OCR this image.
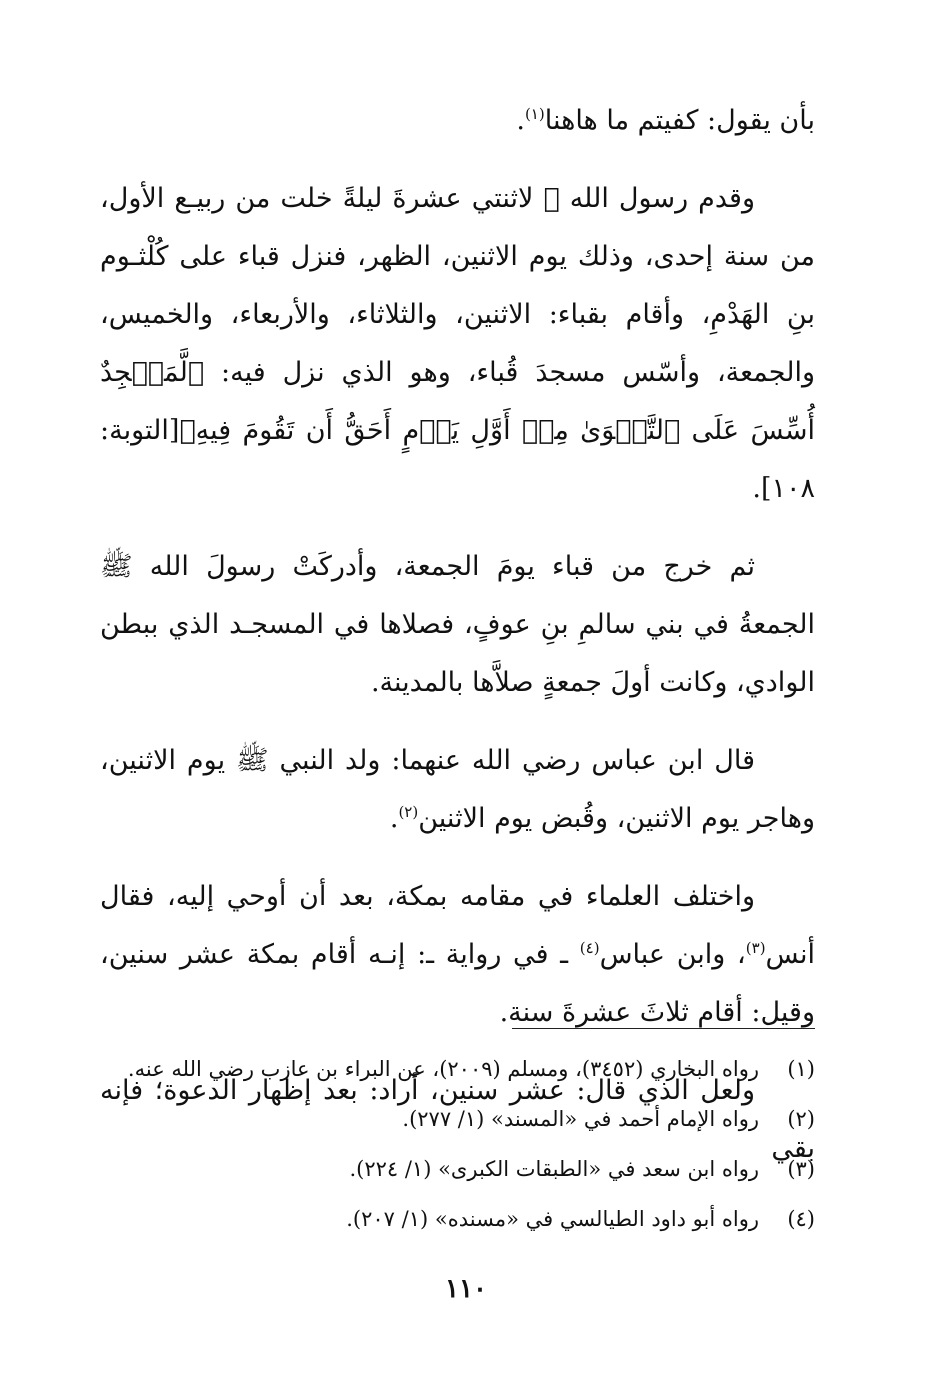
بأن يقول: كفيتم ما هاهنا$^{(١)}$.

وقدم رسول الله ﷺ لاثنتي عشرةَ ليلةً خلت من ربيـع الأول، من سنة إحدى، وذلك يوم الاثنين، الظهر، فنزل قباء على كُلْثـوم بنِ الهَدْمِ، وأقام بقباء: الاثنين، والثلاثاء، والأربعاء، والخميس، والجمعة، وأسّس مسجدَ قُباء، وهو الذي نزل فيه: ﴿لَّمَسۡجِدٌ أُسِّسَ عَلَى ٱلتَّقۡوَىٰ مِنۡ أَوَّلِ يَوۡمٍ أَحَقُّ أَن تَقُومَ فِيهِ﴾[التوبة: ١٠٨].

ثم خرج من قباء يومَ الجمعة، وأدركَتْ رسولَ الله ﷺ الجمعةُ في بني سالمِ بنِ عوفٍ، فصلاها في المسجـد الذي ببطن الوادي، وكانت أولَ جمعةٍ صلاَّها بالمدينة.

قال ابن عباس رضي الله عنهما: ولد النبي ﷺ يوم الاثنين، وهاجر يوم الاثنين، وقُبض يوم الاثنين$^{(٢)}$.

واختلف العلماء في مقامه بمكة، بعد أن أوحي إليه، فقال أنس$^{(٣)}$، وابن عباس$^{(٤)}$ ـ في رواية ـ: إنـه أقام بمكة عشر سنين، وقيل: أقام ثلاثَ عشرةَ سنة.

ولعل الذي قال: عشر سنين، أراد: بعد إظهار الدعوة؛ فإنه بقي

(١)رواه البخاري (٣٤٥٢)، ومسلم (٢٠٠٩)، عن البراء بن عازب رضي الله عنه.

(٢)رواه الإمام أحمد في «المسند» (١/ ٢٧٧).

(٣)رواه ابن سعد في «الطبقات الكبرى» (١/ ٢٢٤).

(٤)رواه أبو داود الطيالسي في «مسنده» (١/ ٢٠٧).

١١٠
